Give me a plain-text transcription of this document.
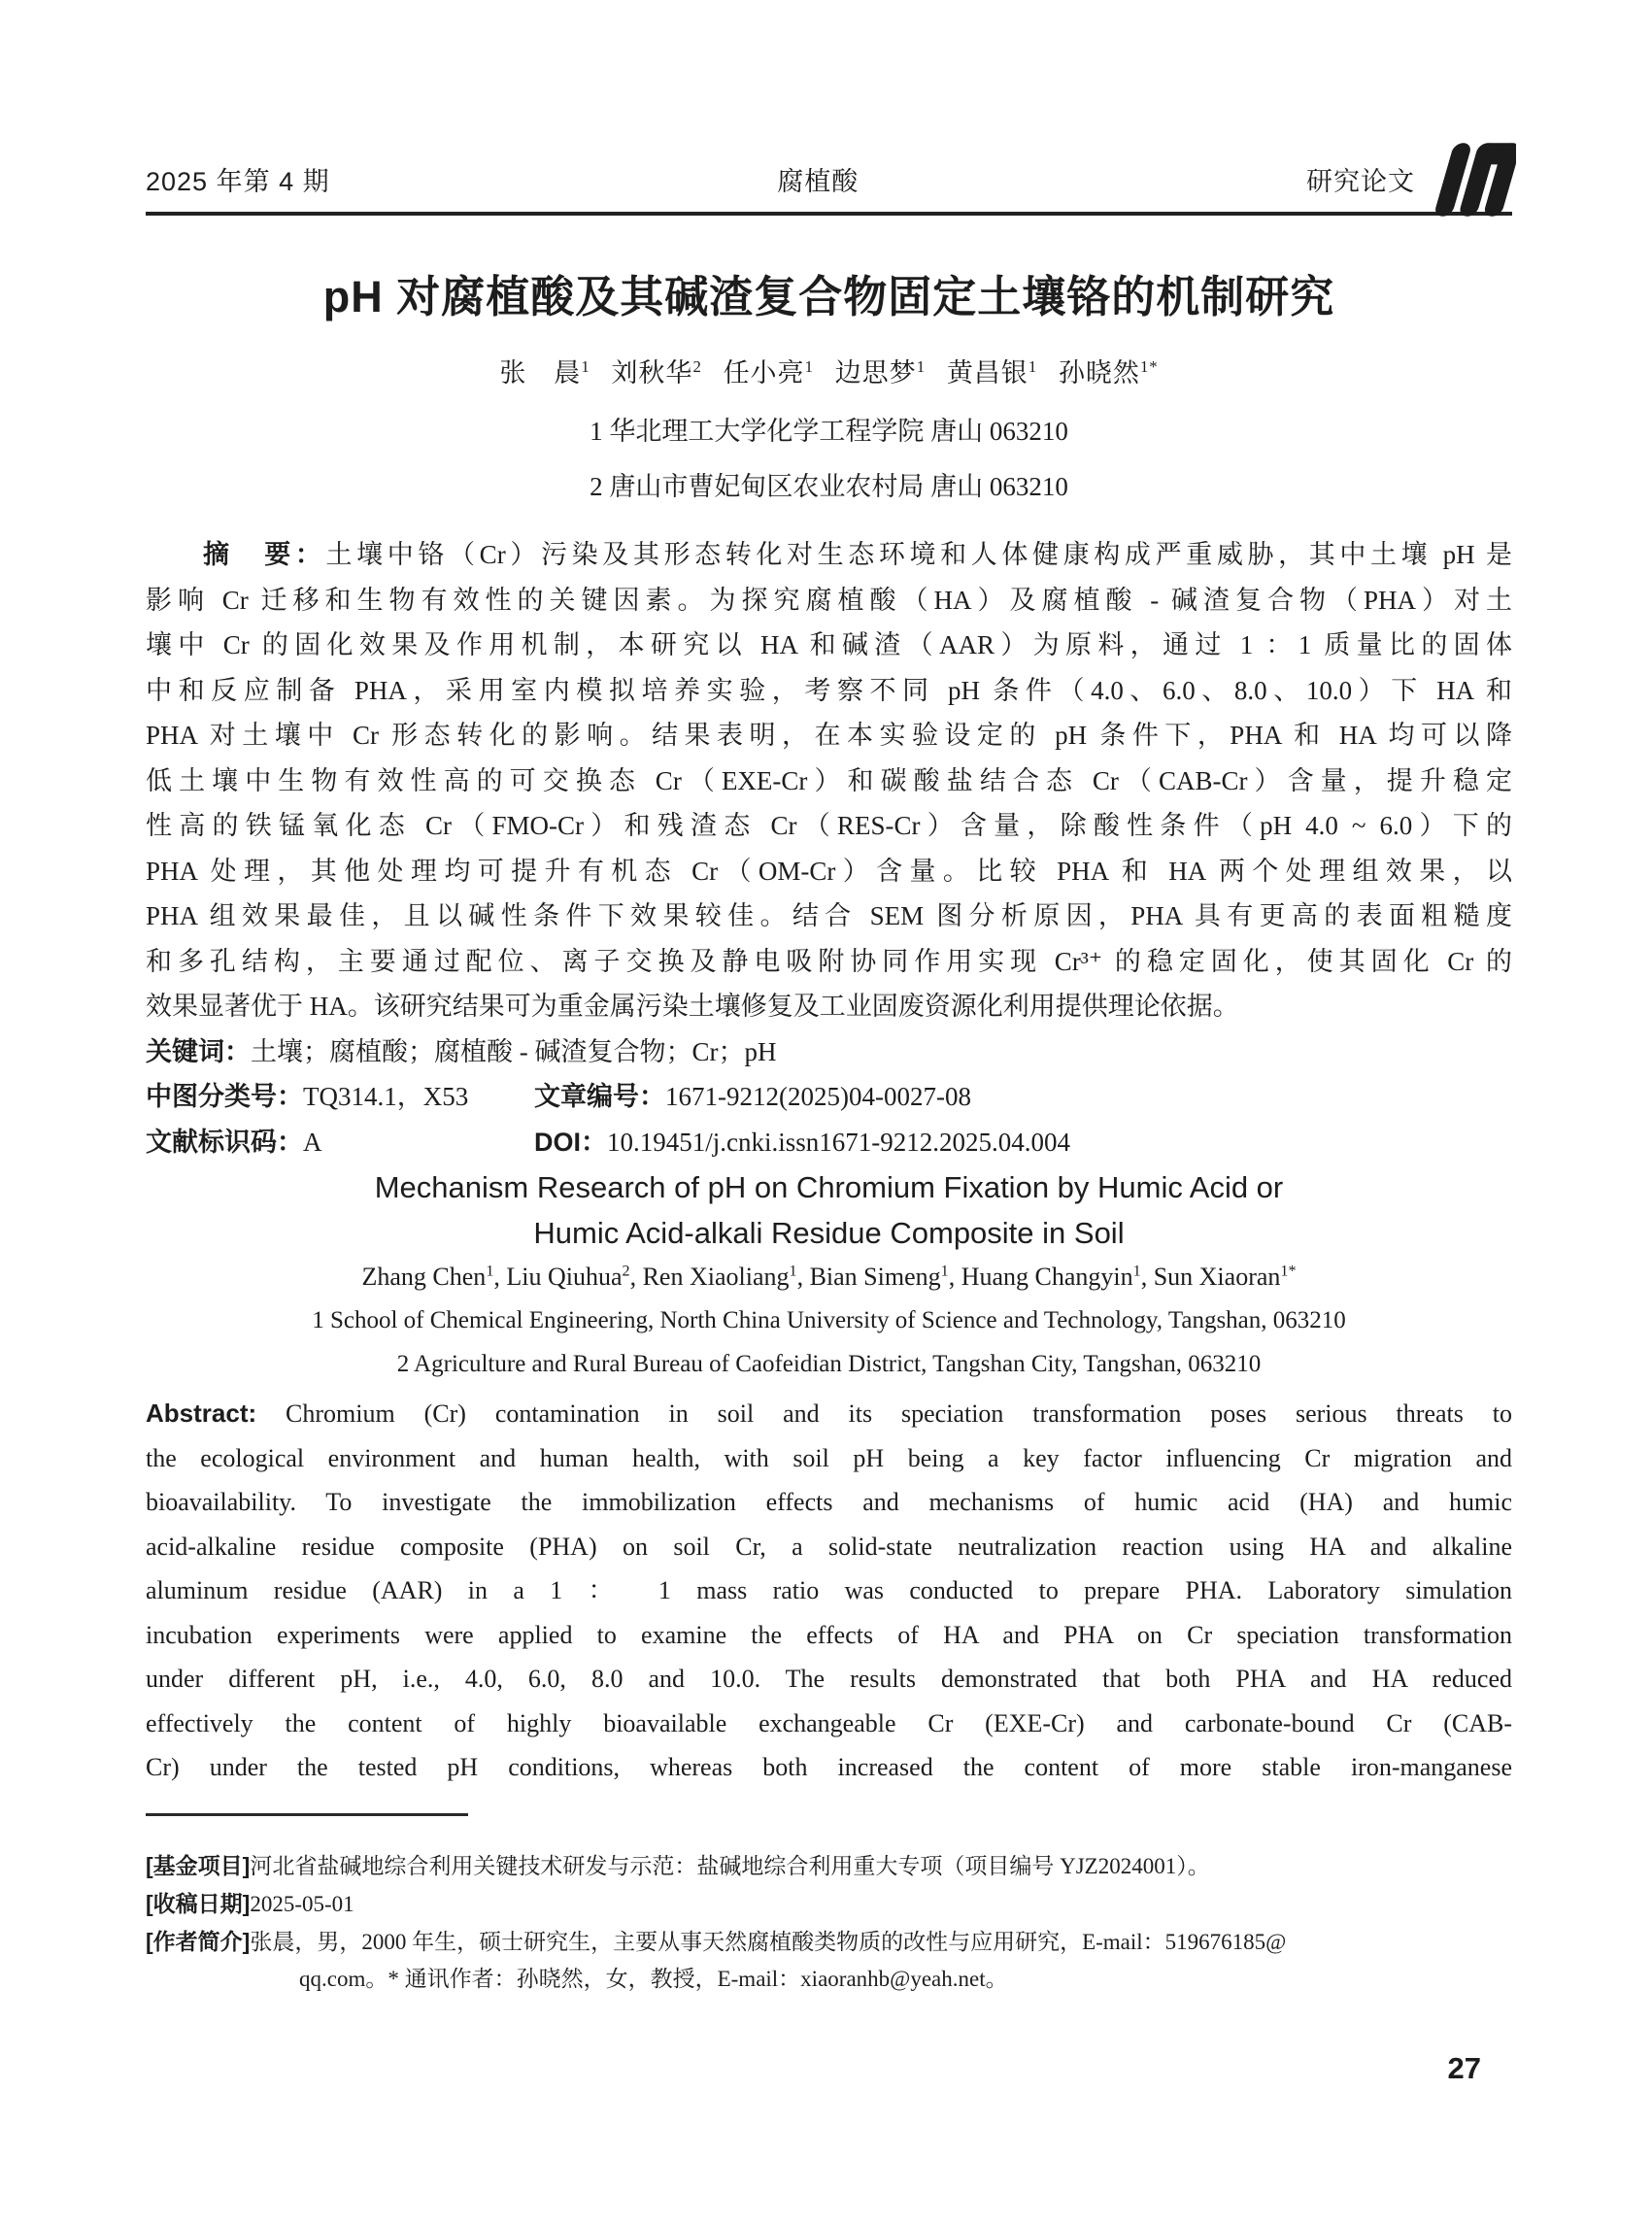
2025 年第 4 期	腐植酸	研究论文
pH 对腐植酸及其碱渣复合物固定土壤铬的机制研究
张　晨$^1$ 刘秋华$^2$ 任小亮$^1$ 边思梦$^1$ 黄昌银$^1$ 孙晓然$^{1*}$
1 华北理工大学化学工程学院 唐山 063210
2 唐山市曹妃甸区农业农村局 唐山 063210
摘　要：土壤中铬（Cr）污染及其形态转化对生态环境和人体健康构成严重威胁，其中土壤 pH 是
影响 Cr 迁移和生物有效性的关键因素。为探究腐植酸（HA）及腐植酸 - 碱渣复合物（PHA）对土
壤中 Cr 的固化效果及作用机制，本研究以 HA 和碱渣（AAR）为原料，通过 1 ：1 质量比的固体
中和反应制备 PHA，采用室内模拟培养实验，考察不同 pH 条件（4.0、6.0、8.0、10.0）下 HA 和
PHA 对土壤中 Cr 形态转化的影响。结果表明，在本实验设定的 pH 条件下，PHA 和 HA 均可以降
低土壤中生物有效性高的可交换态 Cr（EXE-Cr）和碳酸盐结合态 Cr（CAB-Cr）含量，提升稳定
性高的铁锰氧化态 Cr（FMO-Cr）和残渣态 Cr（RES-Cr）含量，除酸性条件（pH 4.0 ~ 6.0）下的
PHA 处理，其他处理均可提升有机态 Cr（OM-Cr）含量。比较 PHA 和 HA 两个处理组效果，以
PHA 组效果最佳，且以碱性条件下效果较佳。结合 SEM 图分析原因，PHA 具有更高的表面粗糙度
和多孔结构，主要通过配位、离子交换及静电吸附协同作用实现 Cr³⁺ 的稳定固化，使其固化 Cr 的
效果显著优于 HA。该研究结果可为重金属污染土壤修复及工业固废资源化利用提供理论依据。
关键词：土壤；腐植酸；腐植酸 - 碱渣复合物；Cr；pH
中图分类号：TQ314.1，X53	文章编号：1671-9212(2025)04-0027-08
文献标识码：A	DOI：10.19451/j.cnki.issn1671-9212.2025.04.004
Mechanism Research of pH on Chromium Fixation by Humic Acid or
Humic Acid-alkali Residue Composite in Soil
Zhang Chen$^1$, Liu Qiuhua$^2$, Ren Xiaoliang$^1$, Bian Simeng$^1$, Huang Changyin$^1$, Sun Xiaoran$^{1*}$
1 School of Chemical Engineering, North China University of Science and Technology, Tangshan, 063210
2 Agriculture and Rural Bureau of Caofeidian District, Tangshan City, Tangshan, 063210
Abstract: Chromium (Cr) contamination in soil and its speciation transformation poses serious threats to
the ecological environment and human health, with soil pH being a key factor influencing Cr migration and
bioavailability. To investigate the immobilization effects and mechanisms of humic acid (HA) and humic
acid-alkaline residue composite (PHA) on soil Cr, a solid-state neutralization reaction using HA and alkaline
aluminum residue (AAR) in a 1 ： 1 mass ratio was conducted to prepare PHA. Laboratory simulation
incubation experiments were applied to examine the effects of HA and PHA on Cr speciation transformation
under different pH, i.e., 4.0, 6.0, 8.0 and 10.0. The results demonstrated that both PHA and HA reduced
effectively the content of highly bioavailable exchangeable Cr (EXE-Cr) and carbonate-bound Cr (CAB-
Cr) under the tested pH conditions, whereas both increased the content of more stable iron-manganese
[基金项目]河北省盐碱地综合利用关键技术研发与示范：盐碱地综合利用重大专项（项目编号 YJZ2024001）。
[收稿日期]2025-05-01
[作者简介]张晨，男，2000 年生，硕士研究生，主要从事天然腐植酸类物质的改性与应用研究，E-mail：519676185@
qq.com。* 通讯作者：孙晓然，女，教授，E-mail：xiaoranhb@yeah.net。
27
